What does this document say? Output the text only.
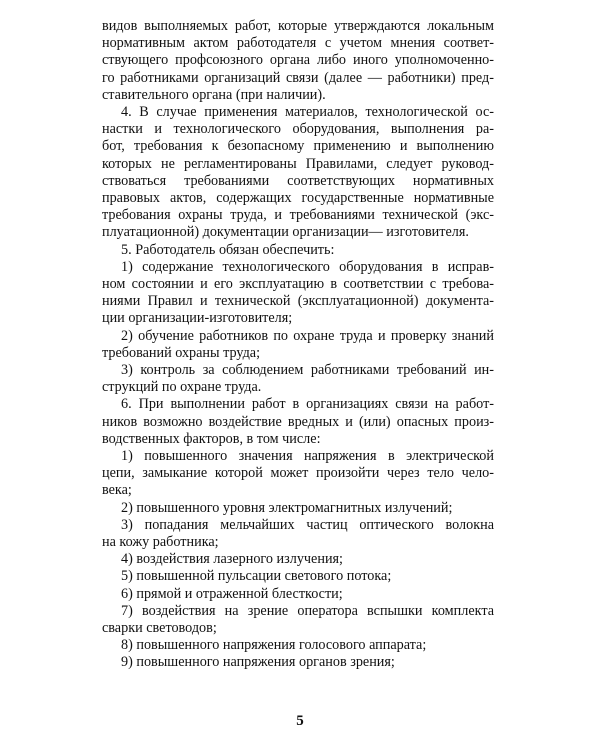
видов выполняемых работ, которые утверждаются локальным
нормативным актом работодателя с учетом мнения соответ-
ствующего профсоюзного органа либо иного уполномоченно-
го работниками организаций связи (далее — работники) пред-
ставительного органа (при наличии).
4. В случае применения материалов, технологической ос-
настки и технологического оборудования, выполнения ра-
бот, требования к безопасному применению и выполнению
которых не регламентированы Правилами, следует руковод-
ствоваться требованиями соответствующих нормативных
правовых актов, содержащих государственные нормативные
требования охраны труда, и требованиями технической (экс-
плуатационной) документации организации— изготовителя.
5. Работодатель обязан обеспечить:
1) содержание технологического оборудования в исправ-
ном состоянии и его эксплуатацию в соответствии с требова-
ниями Правил и технической (эксплуатационной) документа-
ции организации-изготовителя;
2) обучение работников по охране труда и проверку знаний
требований охраны труда;
3) контроль за соблюдением работниками требований ин-
струкций по охране труда.
6. При выполнении работ в организациях связи на работ-
ников возможно воздействие вредных и (или) опасных произ-
водственных факторов, в том числе:
1) повышенного значения напряжения в электрической
цепи, замыкание которой может произойти через тело чело-
века;
2) повышенного уровня электромагнитных излучений;
3) попадания мельчайших частиц оптического волокна
на кожу работника;
4) воздействия лазерного излучения;
5) повышенной пульсации светового потока;
6) прямой и отраженной блесткости;
7) воздействия на зрение оператора вспышки комплекта
сварки световодов;
8) повышенного напряжения голосового аппарата;
9) повышенного напряжения органов зрения;
5
